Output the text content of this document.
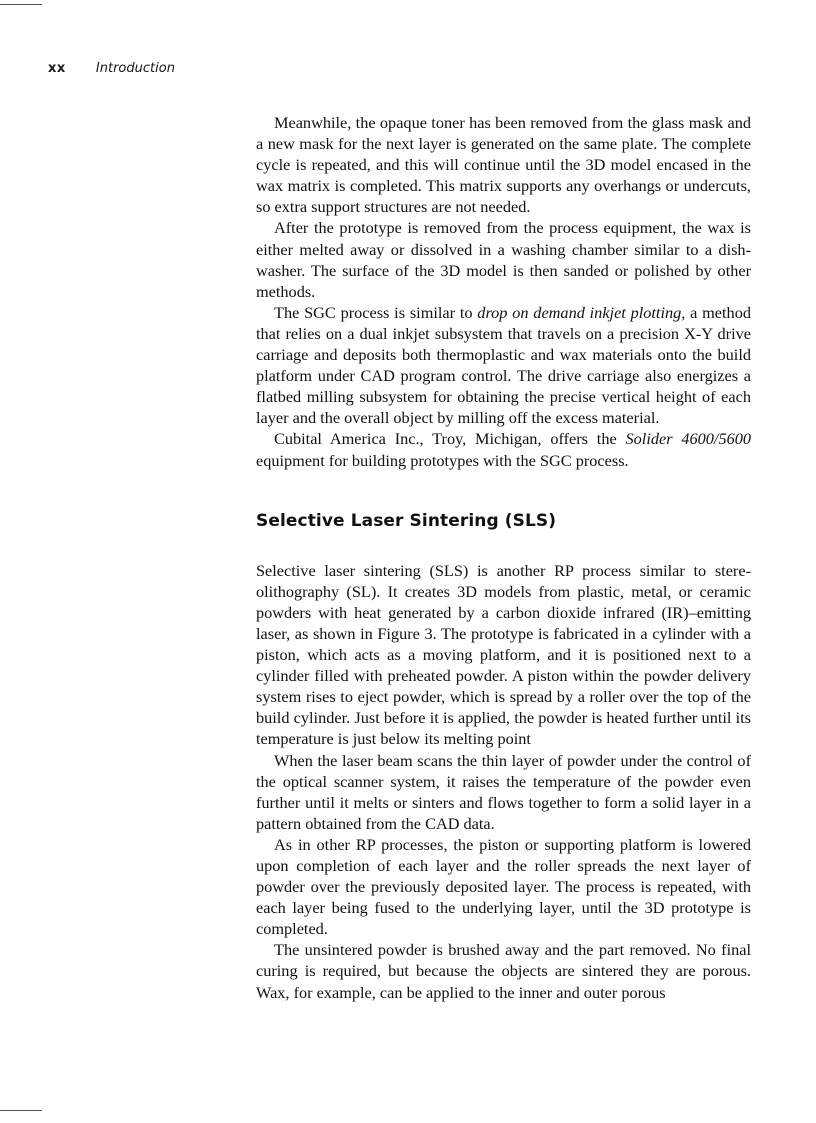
xx Introduction

Meanwhile, the opaque toner has been removed from the glass mask and a new mask for the next layer is generated on the same plate. The complete cycle is repeated, and this will continue until the 3D model encased in the wax matrix is completed. This matrix supports any overhangs or undercuts, so extra support structures are not needed.

After the prototype is removed from the process equipment, the wax is either melted away or dissolved in a washing chamber similar to a dishwasher. The surface of the 3D model is then sanded or polished by other methods.

The SGC process is similar to drop on demand inkjet plotting, a method that relies on a dual inkjet subsystem that travels on a precision X-Y drive carriage and deposits both thermoplastic and wax materials onto the build platform under CAD program control. The drive carriage also energizes a flatbed milling subsystem for obtaining the precise vertical height of each layer and the overall object by milling off the excess material.

Cubital America Inc., Troy, Michigan, offers the Solider 4600/5600 equipment for building prototypes with the SGC process.

Selective Laser Sintering (SLS)

Selective laser sintering (SLS) is another RP process similar to stereolithography (SL). It creates 3D models from plastic, metal, or ceramic powders with heat generated by a carbon dioxide infrared (IR)–emitting laser, as shown in Figure 3. The prototype is fabricated in a cylinder with a piston, which acts as a moving platform, and it is positioned next to a cylinder filled with preheated powder. A piston within the powder delivery system rises to eject powder, which is spread by a roller over the top of the build cylinder. Just before it is applied, the powder is heated further until its temperature is just below its melting point

When the laser beam scans the thin layer of powder under the control of the optical scanner system, it raises the temperature of the powder even further until it melts or sinters and flows together to form a solid layer in a pattern obtained from the CAD data.

As in other RP processes, the piston or supporting platform is lowered upon completion of each layer and the roller spreads the next layer of powder over the previously deposited layer. The process is repeated, with each layer being fused to the underlying layer, until the 3D prototype is completed.

The unsintered powder is brushed away and the part removed. No final curing is required, but because the objects are sintered they are porous. Wax, for example, can be applied to the inner and outer porous
